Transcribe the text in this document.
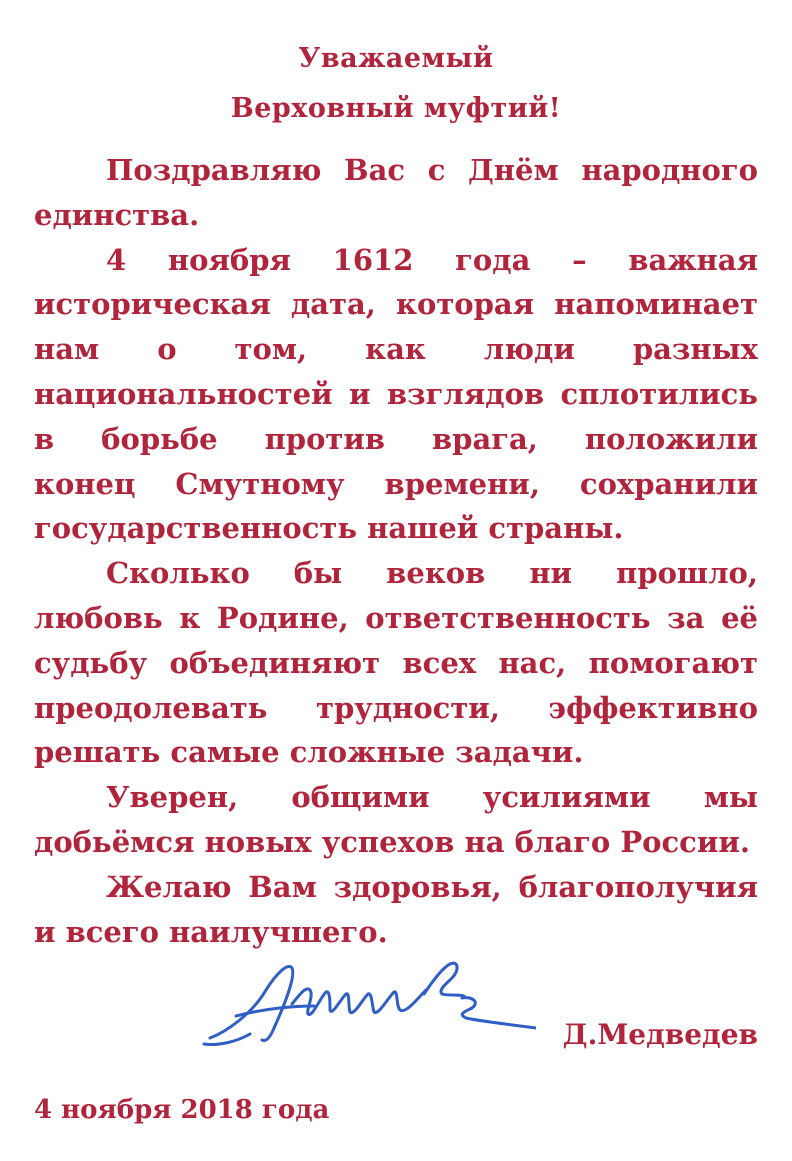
Уважаемый
Верховный муфтий!
Поздравляю Вас с Днём народного
единства.
4 ноября 1612 года – важная
историческая дата, которая напоминает
нам о том, как люди разных
национальностей и взглядов сплотились
в борьбе против врага, положили
конец Смутному времени, сохранили
государственность нашей страны.
Сколько бы веков ни прошло,
любовь к Родине, ответственность за её
судьбу объединяют всех нас, помогают
преодолевать трудности, эффективно
решать самые сложные задачи.
Уверен, общими усилиями мы
добьёмся новых успехов на благо России.
Желаю Вам здоровья, благополучия
и всего наилучшего.
Д.Медведев
4 ноября 2018 года
